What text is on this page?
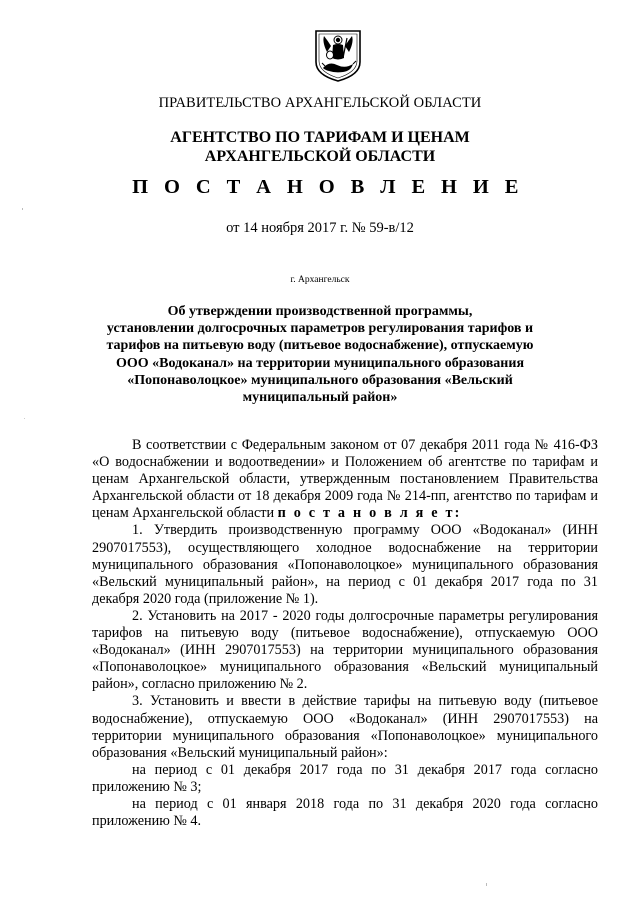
ПРАВИТЕЛЬСТВО АРХАНГЕЛЬСКОЙ ОБЛАСТИ
АГЕНТСТВО ПО ТАРИФАМ И ЦЕНАМ
АРХАНГЕЛЬСКОЙ ОБЛАСТИ
П О С Т А Н О В Л Е Н И Е
от 14 ноября 2017 г. № 59-в/12
г. Архангельск
Об утверждении производственной программы,
установлении долгосрочных параметров регулирования тарифов и
тарифов на питьевую воду (питьевое водоснабжение), отпускаемую
ООО «Водоканал» на территории муниципального образования
«Попонаволоцкое» муниципального образования «Вельский
муниципальный район»

В соответствии с Федеральным законом от 07 декабря 2011 года № 416-ФЗ «О водоснабжении и водоотведении» и Положением об агентстве по тарифам и ценам Архангельской области, утвержденным постановлением Правительства Архангельской области от 18 декабря 2009 года № 214-пп, агентство по тарифам и ценам Архангельской области п о с т а н о в л я е т:

1. Утвердить производственную программу ООО «Водоканал» (ИНН 2907017553), осуществляющего холодное водоснабжение на территории муниципального образования «Попонаволоцкое» муниципального образования «Вельский муниципальный район», на период с 01 декабря 2017 года по 31 декабря 2020 года (приложение № 1).

2. Установить на 2017 - 2020 годы долгосрочные параметры регулирования тарифов на питьевую воду (питьевое водоснабжение), отпускаемую ООО «Водоканал» (ИНН 2907017553) на территории муниципального образования «Попонаволоцкое» муниципального образования «Вельский муниципальный район», согласно приложению № 2.

3. Установить и ввести в действие тарифы на питьевую воду (питьевое водоснабжение), отпускаемую ООО «Водоканал» (ИНН 2907017553) на территории муниципального образования «Попонаволоцкое» муниципального образования «Вельский муниципальный район»:

на период с 01 декабря 2017 года по 31 декабря 2017 года согласно приложению № 3;

на период с 01 января 2018 года по 31 декабря 2020 года согласно приложению № 4.
